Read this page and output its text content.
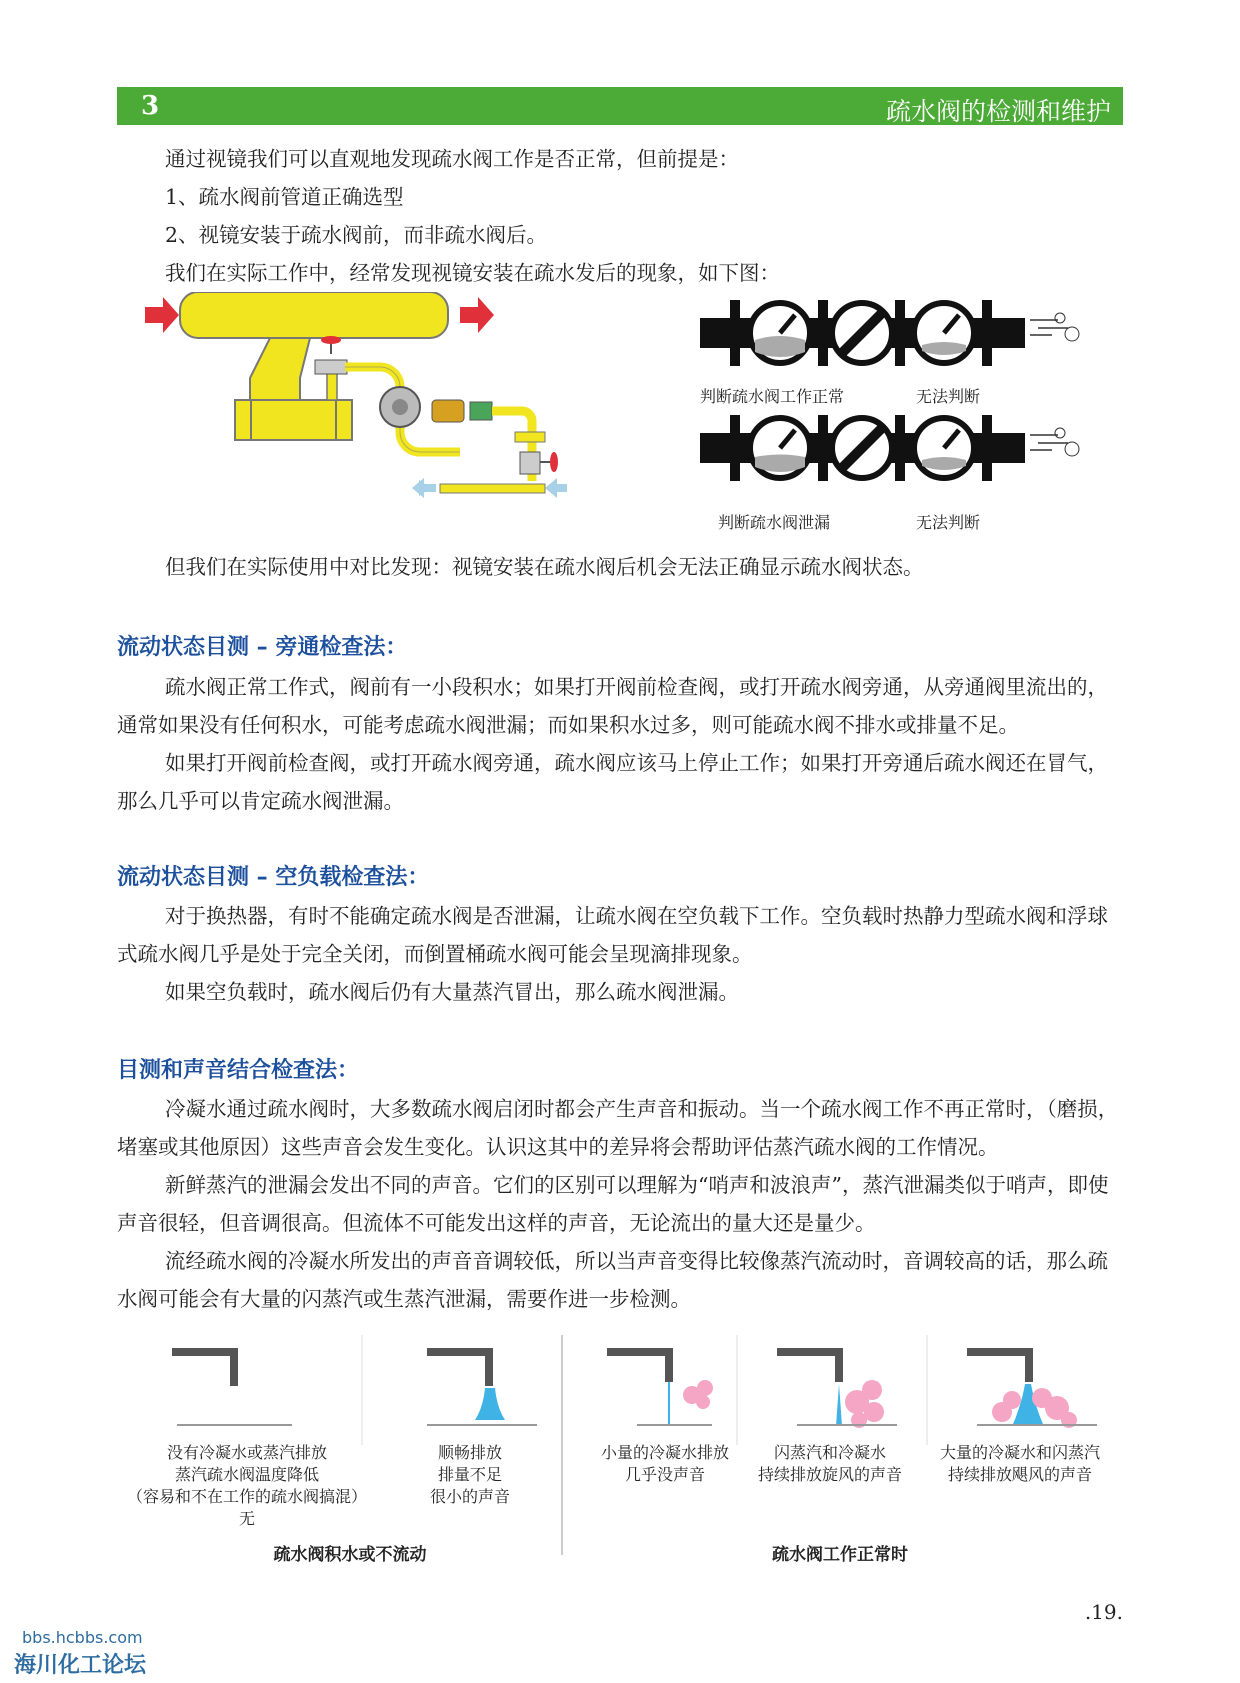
3	疏水阀的检测和维护

通过视镜我们可以直观地发现疏水阀工作是否正常，但前提是：

1、疏水阀前管道正确选型

2、视镜安装于疏水阀前，而非疏水阀后。

我们在实际工作中，经常发现视镜安装在疏水发后的现象，如下图：

判断疏水阀工作正常	无法判断
判断疏水阀泄漏	无法判断

但我们在实际使用中对比发现：视镜安装在疏水阀后机会无法正确显示疏水阀状态。

流动状态目测 – 旁通检查法：

疏水阀正常工作式，阀前有一小段积水；如果打开阀前检查阀，或打开疏水阀旁通，从旁通阀里流出的，通常如果没有任何积水，可能考虑疏水阀泄漏；而如果积水过多，则可能疏水阀不排水或排量不足。

如果打开阀前检查阀，或打开疏水阀旁通，疏水阀应该马上停止工作；如果打开旁通后疏水阀还在冒气，那么几乎可以肯定疏水阀泄漏。

流动状态目测 – 空负载检查法：

对于换热器，有时不能确定疏水阀是否泄漏，让疏水阀在空负载下工作。空负载时热静力型疏水阀和浮球式疏水阀几乎是处于完全关闭，而倒置桶疏水阀可能会呈现滴排现象。

如果空负载时，疏水阀后仍有大量蒸汽冒出，那么疏水阀泄漏。

目测和声音结合检查法：

冷凝水通过疏水阀时，大多数疏水阀启闭时都会产生声音和振动。当一个疏水阀工作不再正常时，（磨损，堵塞或其他原因）这些声音会发生变化。认识这其中的差异将会帮助评估蒸汽疏水阀的工作情况。

新鲜蒸汽的泄漏会发出不同的声音。它们的区别可以理解为“哨声和波浪声”，蒸汽泄漏类似于哨声，即使声音很轻，但音调很高。但流体不可能发出这样的声音，无论流出的量大还是量少。

流经疏水阀的冷凝水所发出的声音音调较低，所以当声音变得比较像蒸汽流动时，音调较高的话，那么疏水阀可能会有大量的闪蒸汽或生蒸汽泄漏，需要作进一步检测。

没有冷凝水或蒸汽排放
蒸汽疏水阀温度降低
（容易和不在工作的疏水阀搞混）
无
顺畅排放
排量不足
很小的声音
小量的冷凝水排放
几乎没声音
闪蒸汽和冷凝水
持续排放旋风的声音
大量的冷凝水和闪蒸汽
持续排放飓风的声音
疏水阀积水或不流动	疏水阀工作正常时
.19.
bbs.hcbbs.com
海川化工论坛
